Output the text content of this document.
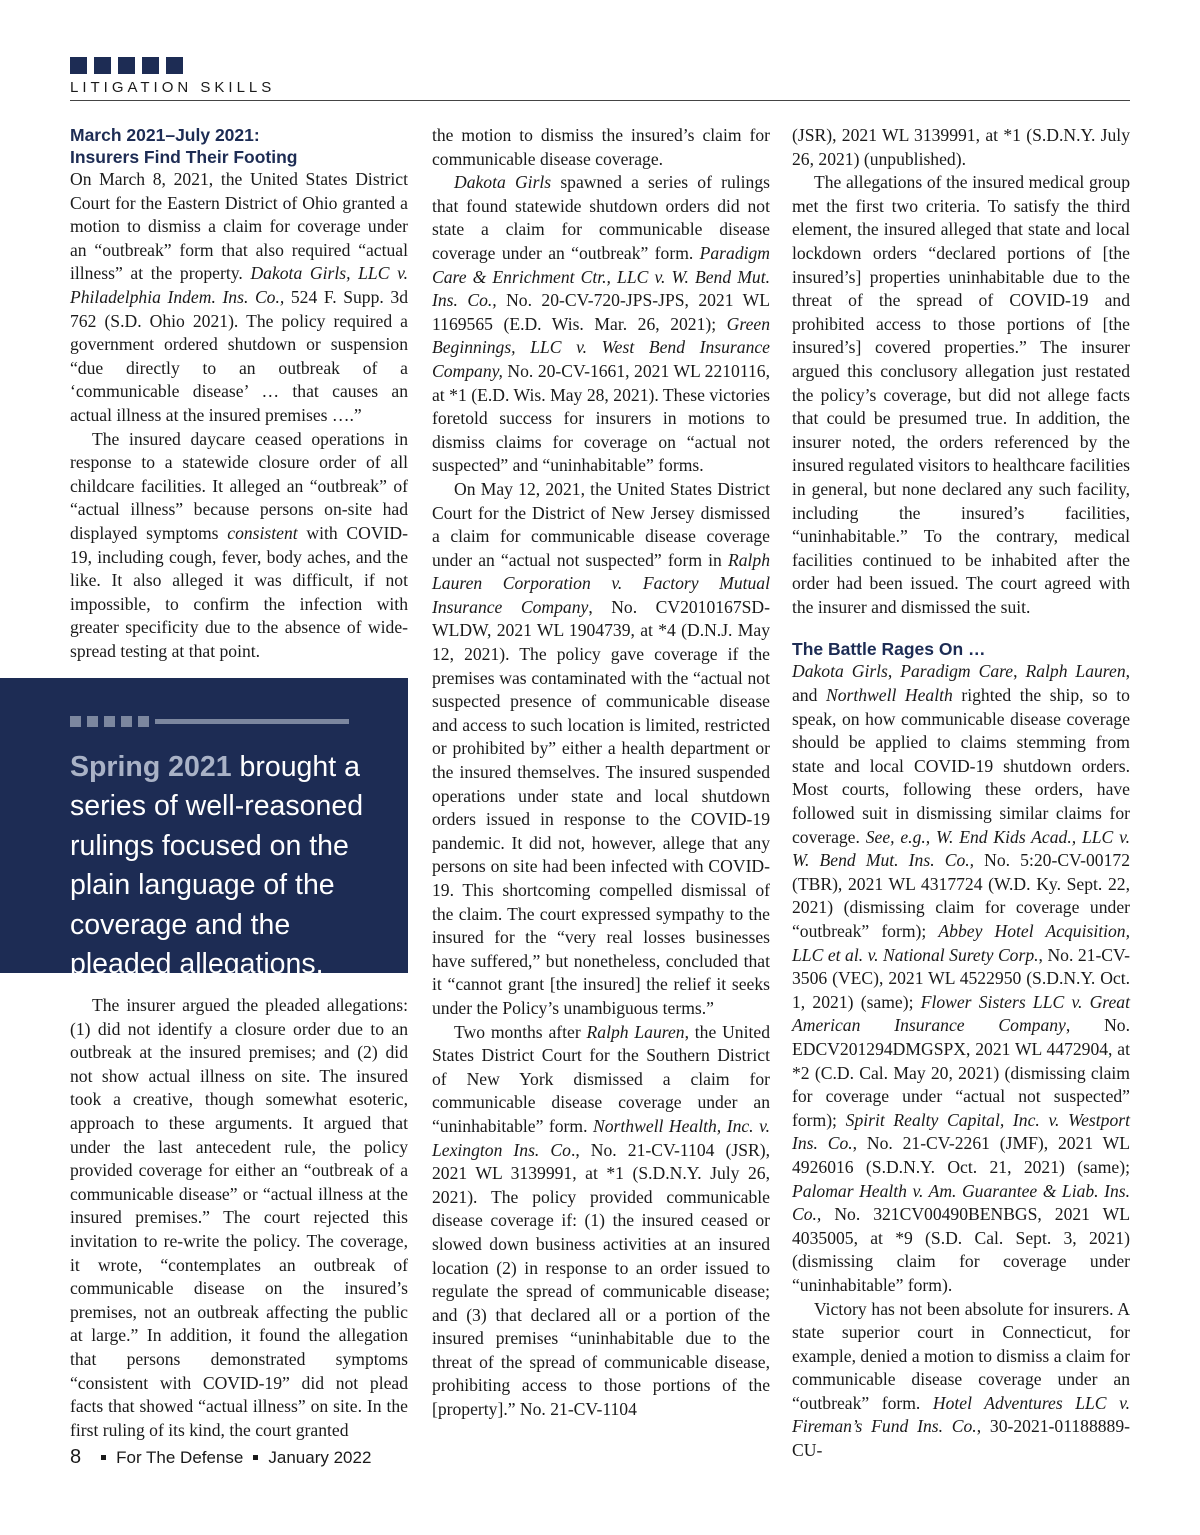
LITIGATION SKILLS
March 2021–July 2021:
Insurers Find Their Footing

On March 8, 2021, the United States District Court for the Eastern District of Ohio granted a motion to dismiss a claim for coverage under an “outbreak” form that also required “actual illness” at the property. Dakota Girls, LLC v. Philadelphia Indem. Ins. Co., 524 F. Supp. 3d 762 (S.D. Ohio 2021). The policy required a government ordered shutdown or suspension “due directly to an outbreak of a ‘communicable disease’ … that causes an actual illness at the insured premises ….”

The insured daycare ceased operations in response to a statewide closure order of all childcare facilities. It alleged an “outbreak” of “actual illness” because persons on-site had displayed symptoms consistent with COVID-19, including cough, fever, body aches, and the like. It also alleged it was difficult, if not impossible, to confirm the infection with greater specificity due to the absence of wide-spread testing at that point.

Spring 2021 brought a series of well-reasoned rulings focused on the plain language of the coverage and the pleaded allegations.

The insurer argued the pleaded allegations: (1) did not identify a closure order due to an outbreak at the insured premises; and (2) did not show actual illness on site. The insured took a creative, though somewhat esoteric, approach to these arguments. It argued that under the last antecedent rule, the policy provided coverage for either an “outbreak of a communicable disease” or “actual illness at the insured premises.” The court rejected this invitation to re-write the policy. The coverage, it wrote, “contemplates an outbreak of communicable disease on the insured’s premises, not an outbreak affecting the public at large.” In addition, it found the allegation that persons demonstrated symptoms “consistent with COVID-19” did not plead facts that showed “actual illness” on site. In the first ruling of its kind, the court granted

the motion to dismiss the insured’s claim for communicable disease coverage.

Dakota Girls spawned a series of rulings that found statewide shutdown orders did not state a claim for communicable disease coverage under an “outbreak” form. Paradigm Care & Enrichment Ctr., LLC v. W. Bend Mut. Ins. Co., No. 20-CV-720-JPS-JPS, 2021 WL 1169565 (E.D. Wis. Mar. 26, 2021); Green Beginnings, LLC v. West Bend Insurance Company, No. 20-CV-1661, 2021 WL 2210116, at *1 (E.D. Wis. May 28, 2021). These victories foretold success for insurers in motions to dismiss claims for coverage on “actual not suspected” and “uninhabitable” forms.

On May 12, 2021, the United States District Court for the District of New Jersey dismissed a claim for communicable disease coverage under an “actual not suspected” form in Ralph Lauren Corporation v. Factory Mutual Insurance Company, No. CV2010167SD-WLDW, 2021 WL 1904739, at *4 (D.N.J. May 12, 2021). The policy gave coverage if the premises was contaminated with the “actual not suspected presence of communicable disease and access to such location is limited, restricted or prohibited by” either a health department or the insured themselves. The insured suspended operations under state and local shutdown orders issued in response to the COVID-19 pandemic. It did not, however, allege that any persons on site had been infected with COVID-19. This shortcoming compelled dismissal of the claim. The court expressed sympathy to the insured for the “very real losses businesses have suffered,” but nonetheless, concluded that it “cannot grant [the insured] the relief it seeks under the Policy’s unambiguous terms.”

Two months after Ralph Lauren, the United States District Court for the Southern District of New York dismissed a claim for communicable disease coverage under an “uninhabitable” form. Northwell Health, Inc. v. Lexington Ins. Co., No. 21-CV-1104 (JSR), 2021 WL 3139991, at *1 (S.D.N.Y. July 26, 2021). The policy provided communicable disease coverage if: (1) the insured ceased or slowed down business activities at an insured location (2) in response to an order issued to regulate the spread of communicable disease; and (3) that declared all or a portion of the insured premises “uninhabitable due to the threat of the spread of communicable disease, prohibiting access to those portions of the [property].” No. 21-CV-1104

(JSR), 2021 WL 3139991, at *1 (S.D.N.Y. July 26, 2021) (unpublished).

The allegations of the insured medical group met the first two criteria. To satisfy the third element, the insured alleged that state and local lockdown orders “declared portions of [the insured’s] properties uninhabitable due to the threat of the spread of COVID-19 and prohibited access to those portions of [the insured’s] covered properties.” The insurer argued this conclusory allegation just restated the policy’s coverage, but did not allege facts that could be presumed true. In addition, the insurer noted, the orders referenced by the insured regulated visitors to healthcare facilities in general, but none declared any such facility, including the insured’s facilities, “uninhabitable.” To the contrary, medical facilities continued to be inhabited after the order had been issued. The court agreed with the insurer and dismissed the suit.

The Battle Rages On …

Dakota Girls, Paradigm Care, Ralph Lauren, and Northwell Health righted the ship, so to speak, on how communicable disease coverage should be applied to claims stemming from state and local COVID-19 shutdown orders. Most courts, following these orders, have followed suit in dismissing similar claims for coverage. See, e.g., W. End Kids Acad., LLC v. W. Bend Mut. Ins. Co., No. 5:20-CV-00172 (TBR), 2021 WL 4317724 (W.D. Ky. Sept. 22, 2021) (dismissing claim for coverage under “outbreak” form); Abbey Hotel Acquisition, LLC et al. v. National Surety Corp., No. 21-CV-3506 (VEC), 2021 WL 4522950 (S.D.N.Y. Oct. 1, 2021) (same); Flower Sisters LLC v. Great American Insurance Company, No. EDCV201294DMGSPX, 2021 WL 4472904, at *2 (C.D. Cal. May 20, 2021) (dismissing claim for coverage under “actual not suspected” form); Spirit Realty Capital, Inc. v. Westport Ins. Co., No. 21-CV-2261 (JMF), 2021 WL 4926016 (S.D.N.Y. Oct. 21, 2021) (same); Palomar Health v. Am. Guarantee & Liab. Ins. Co., No. 321CV00490BENBGS, 2021 WL 4035005, at *9 (S.D. Cal. Sept. 3, 2021) (dismissing claim for coverage under “uninhabitable” form).

Victory has not been absolute for insurers. A state superior court in Connecticut, for example, denied a motion to dismiss a claim for communicable disease coverage under an “outbreak” form. Hotel Adventures LLC v. Fireman’s Fund Ins. Co., 30-2021-01188889-CU-

8 For The Defense January 2022
